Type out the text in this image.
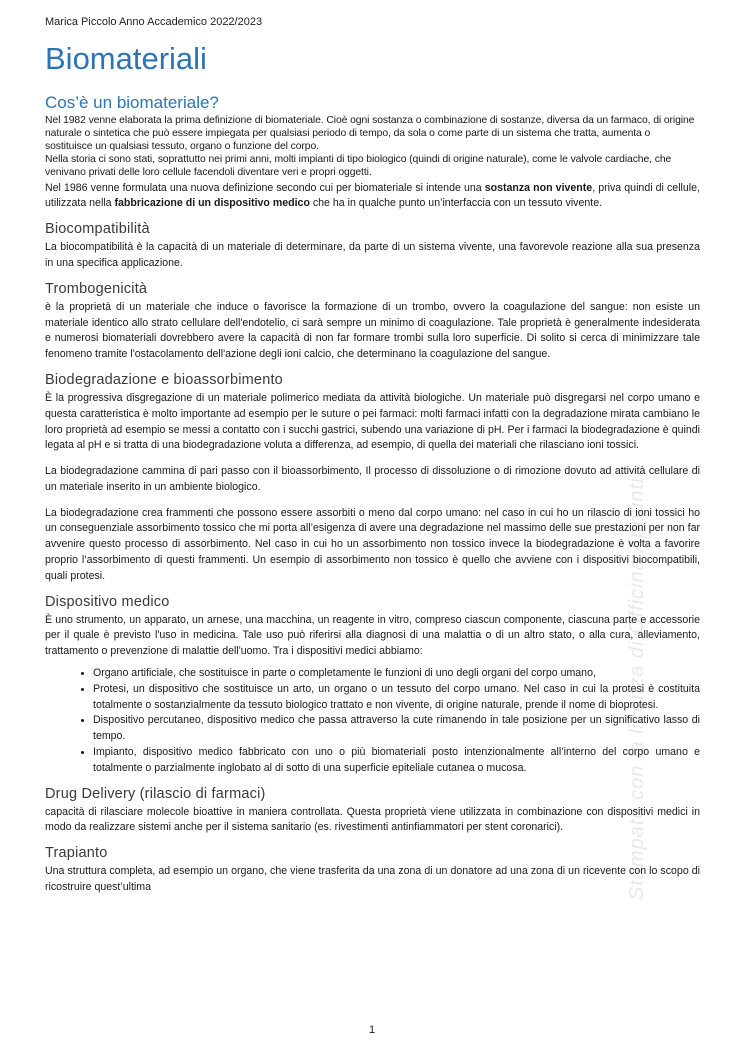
Marica Piccolo Anno Accademico 2022/2023
Biomateriali
Cos’è un biomateriale?

Nel 1982 venne elaborata la prima definizione di biomateriale. Cioè ogni sostanza o combinazione di sostanze, diversa da un farmaco, di origine naturale o sintetica che può essere impiegata per qualsiasi periodo di tempo, da sola o come parte di un sistema che tratta, aumenta o sostituisce un qualsiasi tessuto, organo o funzione del corpo.

Nella storia ci sono stati, soprattutto nei primi anni, molti impianti di tipo biologico (quindi di origine naturale), come le valvole cardiache, che venivano privati delle loro cellule facendoli diventare veri e propri oggetti.

Nel 1986 venne formulata una nuova definizione secondo cui per biomateriale si intende una sostanza non vivente, priva quindi di cellule, utilizzata nella fabbricazione di un dispositivo medico che ha in qualche punto un’interfaccia con un tessuto vivente.

Biocompatibilità

La biocompatibilità è la capacità di un materiale di determinare, da parte di un sistema vivente, una favorevole reazione alla sua presenza in una specifica applicazione.

Trombogenicità

è la proprietà di un materiale che induce o favorisce la formazione di un trombo, ovvero la coagulazione del sangue: non esiste un materiale identico allo strato cellulare dell'endotelio, ci sarà sempre un minimo di coagulazione. Tale proprietà è generalmente indesiderata e numerosi biomateriali dovrebbero avere la capacità di non far formare trombi sulla loro superficie. Di solito si cerca di minimizzare tale fenomeno tramite l'ostacolamento dell'azione degli ioni calcio, che determinano la coagulazione del sangue.

Biodegradazione e bioassorbimento

È la progressiva disgregazione di un materiale polimerico mediata da attività biologiche. Un materiale può disgregarsi nel corpo umano e questa caratteristica è molto importante ad esempio per le suture o pei farmaci: molti farmaci infatti con la degradazione mirata cambiano le loro proprietà ad esempio se messi a contatto con i succhi gastrici, subendo una variazione di pH. Per i farmaci la biodegradazione è quindi legata al pH e si tratta di una biodegradazione voluta a differenza, ad esempio, di quella dei materiali che rilasciano ioni tossici.

La biodegradazione cammina di pari passo con il bioassorbimento, Il processo di dissoluzione o di rimozione dovuto ad attività cellulare di un materiale inserito in un ambiente biologico.

La biodegradazione crea frammenti che possono essere assorbiti o meno dal corpo umano: nel caso in cui ho un rilascio di ioni tossici ho un conseguenziale assorbimento tossico che mi porta all’esigenza di avere una degradazione nel massimo delle sue prestazioni per non far avvenire questo processo di assorbimento. Nel caso in cui ho un assorbimento non tossico invece la biodegradazione è volta a favorire proprio l’assorbimento di questi frammenti. Un esempio di assorbimento non tossico è quello che avviene con i dispositivi biocompatibili, quali protesi.

Dispositivo medico

È uno strumento, un apparato, un arnese, una macchina, un reagente in vitro, compreso ciascun componente, ciascuna parte e accessorie per il quale è previsto l'uso in medicina. Tale uso può riferirsi alla diagnosi di una malattia o di un altro stato, o alla cura, alleviamento, trattamento o prevenzione di malattie dell'uomo. Tra i dispositivi medici abbiamo:

• Organo artificiale, che sostituisce in parte o completamente le funzioni di uno degli organi del corpo umano,
• Protesi, un dispositivo che sostituisce un arto, un organo o un tessuto del corpo umano. Nel caso in cui la protesi è costituita totalmente o sostanzialmente da tessuto biologico trattato e non vivente, di origine naturale, prende il nome di bioprotesi.
• Dispositivo percutaneo, dispositivo medico che passa attraverso la cute rimanendo in tale posizione per un significativo lasso di tempo.
• Impianto, dispositivo medico fabbricato con uno o più biomateriali posto intenzionalmente all’interno del corpo umano e totalmente o parzialmente inglobato al di sotto di una superficie epiteliale cutanea o mucosa.
Drug Delivery (rilascio di farmaci)

capacità di rilasciare molecole bioattive in maniera controllata. Questa proprietà viene utilizzata in combinazione con dispositivi medici in modo da realizzare sistemi anche per il sistema sanitario (es. rivestimenti antinfiammatori per stent coronarici).

Trapianto

Una struttura completa, ad esempio un organo, che viene trasferita da una zona di un donatore ad una zona di un ricevente con lo scopo di ricostruire quest’ultima	Stampato con la licenza di Officina Appunti
1
